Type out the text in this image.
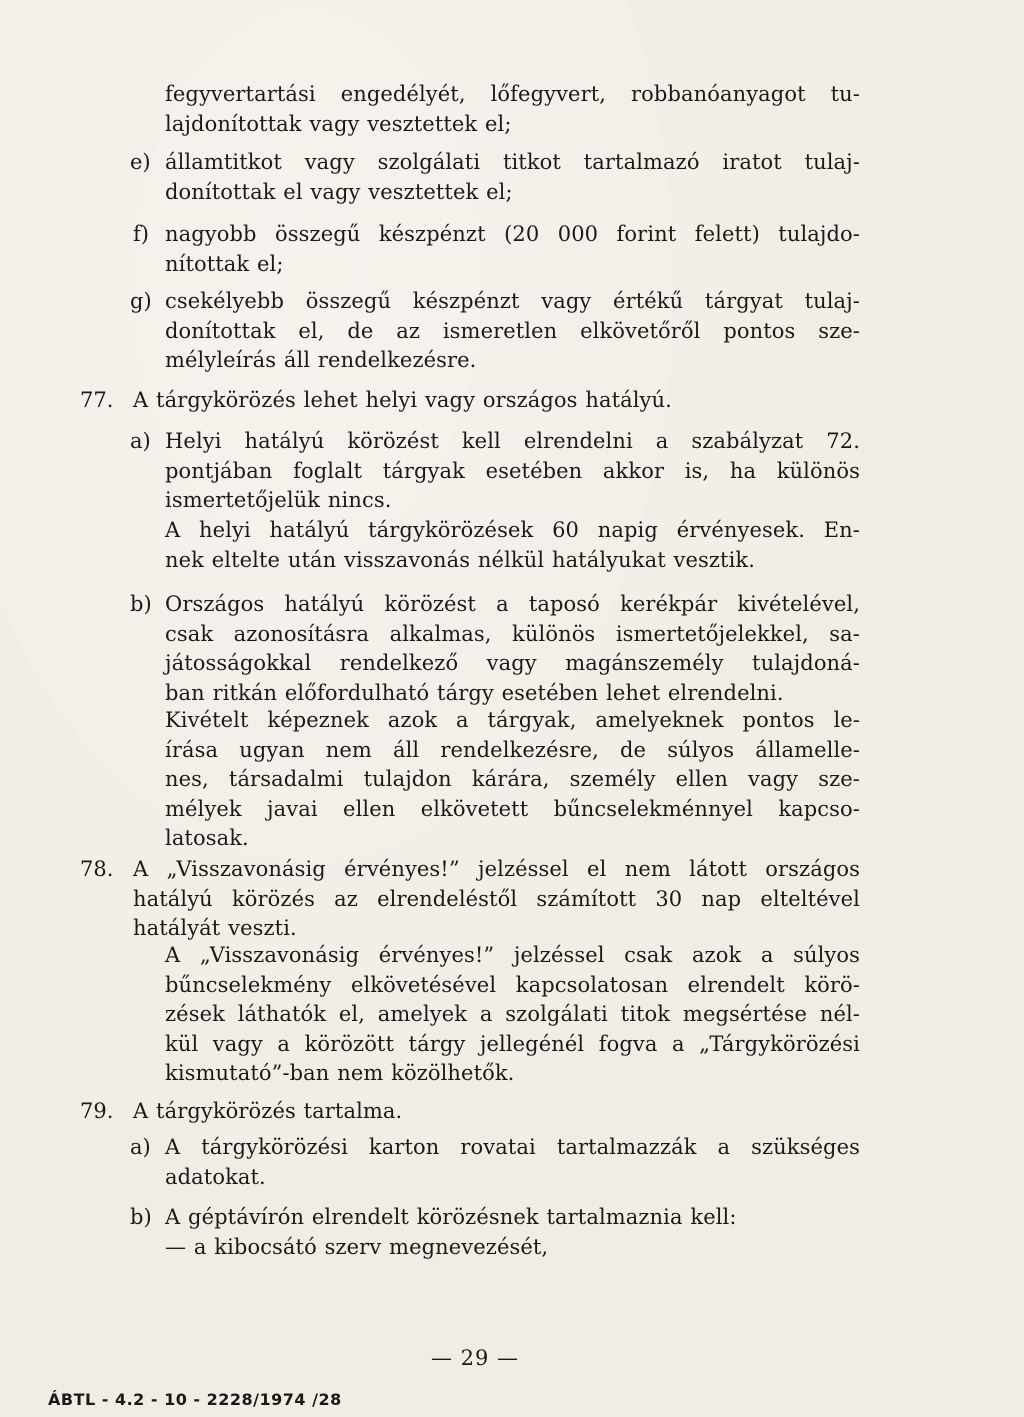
fegyvertartási engedélyét, lőfegyvert, robbanóanyagot tu-
lajdonítottak vagy vesztettek el;
e) államtitkot vagy szolgálati titkot tartalmazó iratot tulaj-
donítottak el vagy vesztettek el;
f) nagyobb összegű készpénzt (20 000 forint felett) tulajdo-
nítottak el;
g) csekélyebb összegű készpénzt vagy értékű tárgyat tulaj-
donítottak el, de az ismeretlen elkövetőről pontos sze-
mélyleírás áll rendelkezésre.
77. A tárgykörözés lehet helyi vagy országos hatályú.
a) Helyi hatályú körözést kell elrendelni a szabályzat 72.
pontjában foglalt tárgyak esetében akkor is, ha különös
ismertetőjelük nincs.
A helyi hatályú tárgykörözések 60 napig érvényesek. En-
nek eltelte után visszavonás nélkül hatályukat vesztik.
b) Országos hatályú körözést a taposó kerékpár kivételével,
csak azonosításra alkalmas, különös ismertetőjelekkel, sa-
játosságokkal rendelkező vagy magánszemély tulajdoná-
ban ritkán előfordulható tárgy esetében lehet elrendelni.
Kivételt képeznek azok a tárgyak, amelyeknek pontos le-
írása ugyan nem áll rendelkezésre, de súlyos államelle-
nes, társadalmi tulajdon kárára, személy ellen vagy sze-
mélyek javai ellen elkövetett bűncselekménnyel kapcso-
latosak.
78. A „Visszavonásig érvényes!” jelzéssel el nem látott országos
hatályú körözés az elrendeléstől számított 30 nap elteltével
hatályát veszti.
A „Visszavonásig érvényes!” jelzéssel csak azok a súlyos
bűncselekmény elkövetésével kapcsolatosan elrendelt körö-
zések láthatók el, amelyek a szolgálati titok megsértése nél-
kül vagy a körözött tárgy jellegénél fogva a „Tárgykörözési
kismutató”-ban nem közölhetők.
79. A tárgykörözés tartalma.
a) A tárgykörözési karton rovatai tartalmazzák a szükséges
adatokat.
b) A géptávírón elrendelt körözésnek tartalmaznia kell:
— a kibocsátó szerv megnevezését,
— 29 —
ÁBTL - 4.2 - 10 - 2228/1974 /28
